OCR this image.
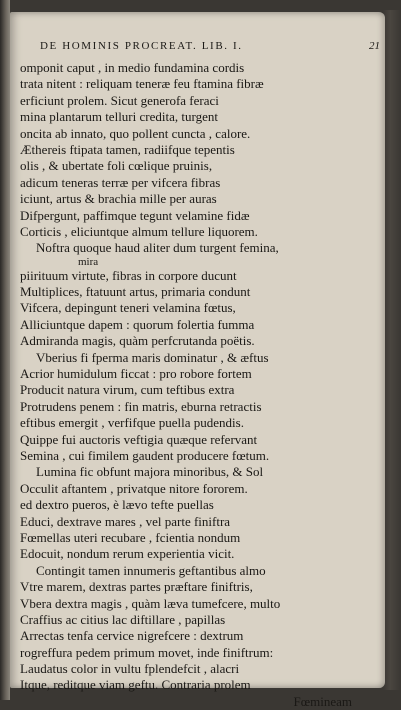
DE HOMINIS PROCREAT. LIB. I.	21
omponit caput , in medio fundamina cordis
trata nitent : reliquam teneræ feu ftamina fibræ
erficiunt prolem. Sicut generofa feraci
mina plantarum telluri credita, turgent
oncita ab innato, quo pollent cuncta , calore.
Æthereis ftipata tamen, radiifque tepentis
olis , & ubertate foli cœlique pruinis,
adicum teneras terræ per vifcera fibras
iciunt, artus & brachia mille per auras
Difpergunt, paffimque tegunt velamine fidæ
Corticis , eliciuntque almum tellure liquorem.
Noftra quoque haud aliter dum turgent femina,
mira
piirituum virtute, fibras in corpore ducunt
Multiplices, ftatuunt artus, primaria condunt
Vifcera, depingunt teneri velamina fœtus,
Alliciuntque dapem : quorum folertia fumma
Admiranda magis, quàm perfcrutanda poëtis.
Vberius fi fperma maris dominatur , & æftus
Acrior humidulum ficcat : pro robore fortem
Producit natura virum, cum teftibus extra
Protrudens penem : fin matris, eburna retractis
eftibus emergit , verfifque puella pudendis.
Quippe fui auctoris veftigia quæque refervant
Semina , cui fimilem gaudent producere fœtum.
Lumina fic obfunt majora minoribus, & Sol
Occulit aftantem , privatque nitore fororem.
ed dextro pueros, è lævo tefte puellas
Educi, dextrave mares , vel parte finiftra
Fœmellas uteri recubare , fcientia nondum
Edocuit, nondum rerum experientia vicit.
Contingit tamen innumeris geftantibus almo
Vtre marem, dextras partes præftare finiftris,
Vbera dextra magis , quàm læva tumefcere, multo
Craffius ac citius lac diftillare , papillas
Arrectas tenfa cervice nigrefcere : dextrum
rogreffura pedem primum movet, inde finiftrum:
Laudatus color in vultu fplendefcit , alacri
Itque, reditque viam geftu. Contraria prolem
Fœmineam
